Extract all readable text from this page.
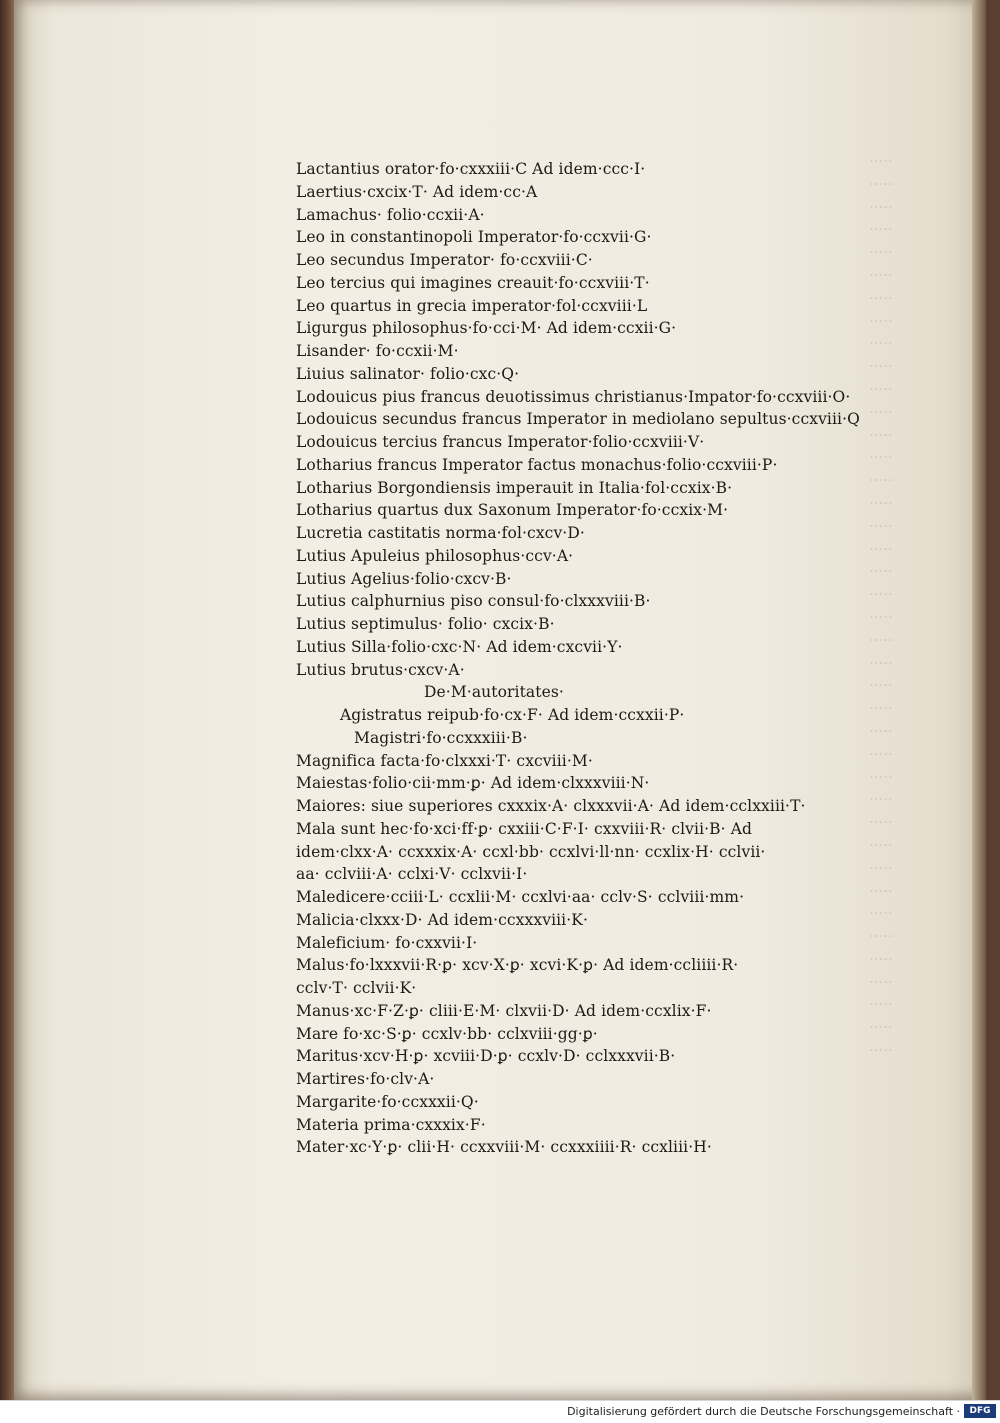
·····
·····
·····
·····
·····
·····
·····
·····
·····
·····
·····
·····
·····
·····
·····
·····
·····
·····
·····
·····
·····
·····
·····
·····
·····
·····
·····
·····
·····
·····
·····
·····
·····
·····
·····
·····
·····
·····
·····
·····

Lactantius orator·fo·cxxxiii·C Ad idem·ccc·I·
Laertius·cxcix·T· Ad idem·cc·A
Lamachus· folio·ccxii·A·
Leo in constantinopoli Imperator·fo·ccxvii·G·
Leo secundus Imperator· fo·ccxviii·C·
Leo tercius qui imagines creauit·fo·ccxviii·T·
Leo quartus in grecia imperator·fol·ccxviii·L
Ligurgus philosophus·fo·cci·M· Ad idem·ccxii·G·
Lisander· fo·ccxii·M·
Liuius salinator· folio·cxc·Q·
Lodouicus pius francus deuotissimus christianus·Impator·fo·ccxviii·O·
Lodouicus secundus francus Imperator in mediolano sepultus·ccxviii·Q
Lodouicus tercius francus Imperator·folio·ccxviii·V·
Lotharius francus Imperator factus monachus·folio·ccxviii·P·
Lotharius Borgondiensis imperauit in Italia·fol·ccxix·B·
Lotharius quartus dux Saxonum Imperator·fo·ccxix·M·
Lucretia castitatis norma·fol·cxcv·D·
Lutius Apuleius philosophus·ccv·A·
Lutius Agelius·folio·cxcv·B·
Lutius calphurnius piso consul·fo·clxxxviii·B·
Lutius septimulus· folio· cxcix·B·
Lutius Silla·folio·cxc·N· Ad idem·cxcvii·Y·
Lutius brutus·cxcv·A·
De·M·autoritates·
Agistratus reipub·fo·cx·F· Ad idem·ccxxii·P·
Magistri·fo·ccxxxiii·B·
Magnifica facta·fo·clxxxi·T· cxcviii·M·
Maiestas·folio·cii·mm·ꝑ· Ad idem·clxxxviii·N·
Maiores: siue superiores cxxxix·A· clxxxvii·A· Ad idem·cclxxiii·T·
Mala sunt hec·fo·xci·ff·ꝑ· cxxiii·C·F·I· cxxviii·R· clvii·B· Ad
idem·clxx·A· ccxxxix·A· ccxl·bb· ccxlvi·ll·nn· ccxlix·H· cclvii·
aa· cclviii·A· cclxi·V· cclxvii·I·
Maledicere·cciii·L· ccxlii·M· ccxlvi·aa· cclv·S· cclviii·mm·
Malicia·clxxx·D· Ad idem·ccxxxviii·K·
Maleficium· fo·cxxvii·I·
Malus·fo·lxxxvii·R·ꝑ· xcv·X·ꝑ· xcvi·K·ꝑ· Ad idem·ccliiii·R·
cclv·T· cclvii·K·
Manus·xc·F·Z·ꝑ· cliii·E·M· clxvii·D· Ad idem·ccxlix·F·
Mare fo·xc·S·ꝑ· ccxlv·bb· cclxviii·gg·ꝑ·
Maritus·xcv·H·ꝑ· xcviii·D·ꝑ· ccxlv·D· cclxxxvii·B·
Martires·fo·clv·A·
Margarite·fo·ccxxxii·Q·
Materia prima·cxxxix·F·
Mater·xc·Y·ꝑ· clii·H· ccxxviii·M· ccxxxiiii·R· ccxliii·H·
Digitalisierung gefördert durch die Deutsche Forschungsgemeinschaft ·	DFG
